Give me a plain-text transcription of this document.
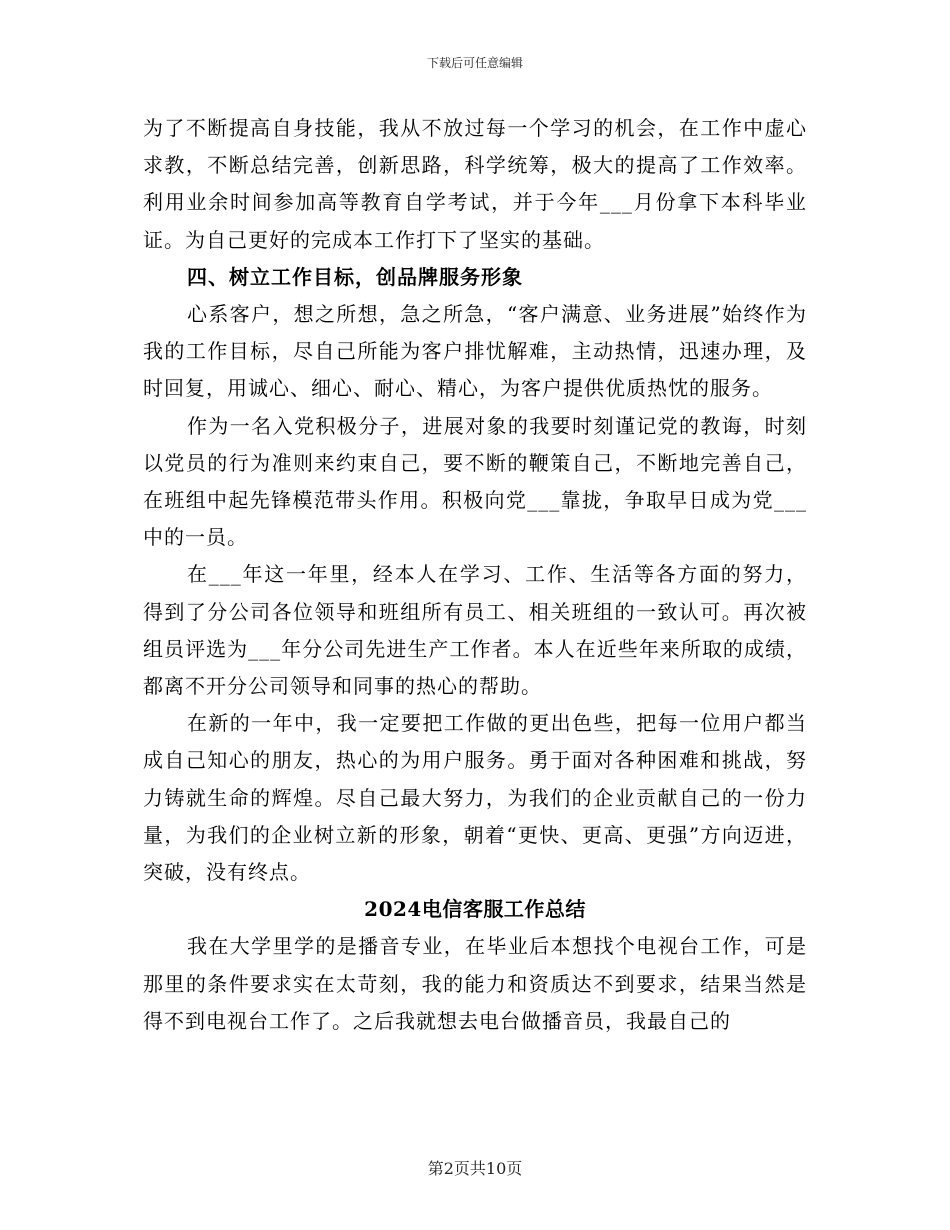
下载后可任意编辑

为了不断提高自身技能，我从不放过每一个学习的机会，在工作中虚心求教，不断总结完善，创新思路，科学统筹，极大的提高了工作效率。利用业余时间参加高等教育自学考试，并于今年___月份拿下本科毕业证。为自己更好的完成本工作打下了坚实的基础。

四、树立工作目标，创品牌服务形象

心系客户，想之所想，急之所急，“客户满意、业务进展”始终作为我的工作目标，尽自己所能为客户排忧解难，主动热情，迅速办理，及时回复，用诚心、细心、耐心、精心，为客户提供优质热忱的服务。

作为一名入党积极分子，进展对象的我要时刻谨记党的教诲，时刻以党员的行为准则来约束自己，要不断的鞭策自己，不断地完善自己，在班组中起先锋模范带头作用。积极向党___靠拢，争取早日成为党___中的一员。

在___年这一年里，经本人在学习、工作、生活等各方面的努力，得到了分公司各位领导和班组所有员工、相关班组的一致认可。再次被组员评选为___年分公司先进生产工作者。本人在近些年来所取的成绩，都离不开分公司领导和同事的热心的帮助。

在新的一年中，我一定要把工作做的更出色些，把每一位用户都当成自己知心的朋友，热心的为用户服务。勇于面对各种困难和挑战，努力铸就生命的辉煌。尽自己最大努力，为我们的企业贡献自己的一份力量，为我们的企业树立新的形象，朝着“更快、更高、更强”方向迈进，突破，没有终点。

2024电信客服工作总结

我在大学里学的是播音专业，在毕业后本想找个电视台工作，可是那里的条件要求实在太苛刻，我的能力和资质达不到要求，结果当然是得不到电视台工作了。之后我就想去电台做播音员，我最自己的

第2页共10页
